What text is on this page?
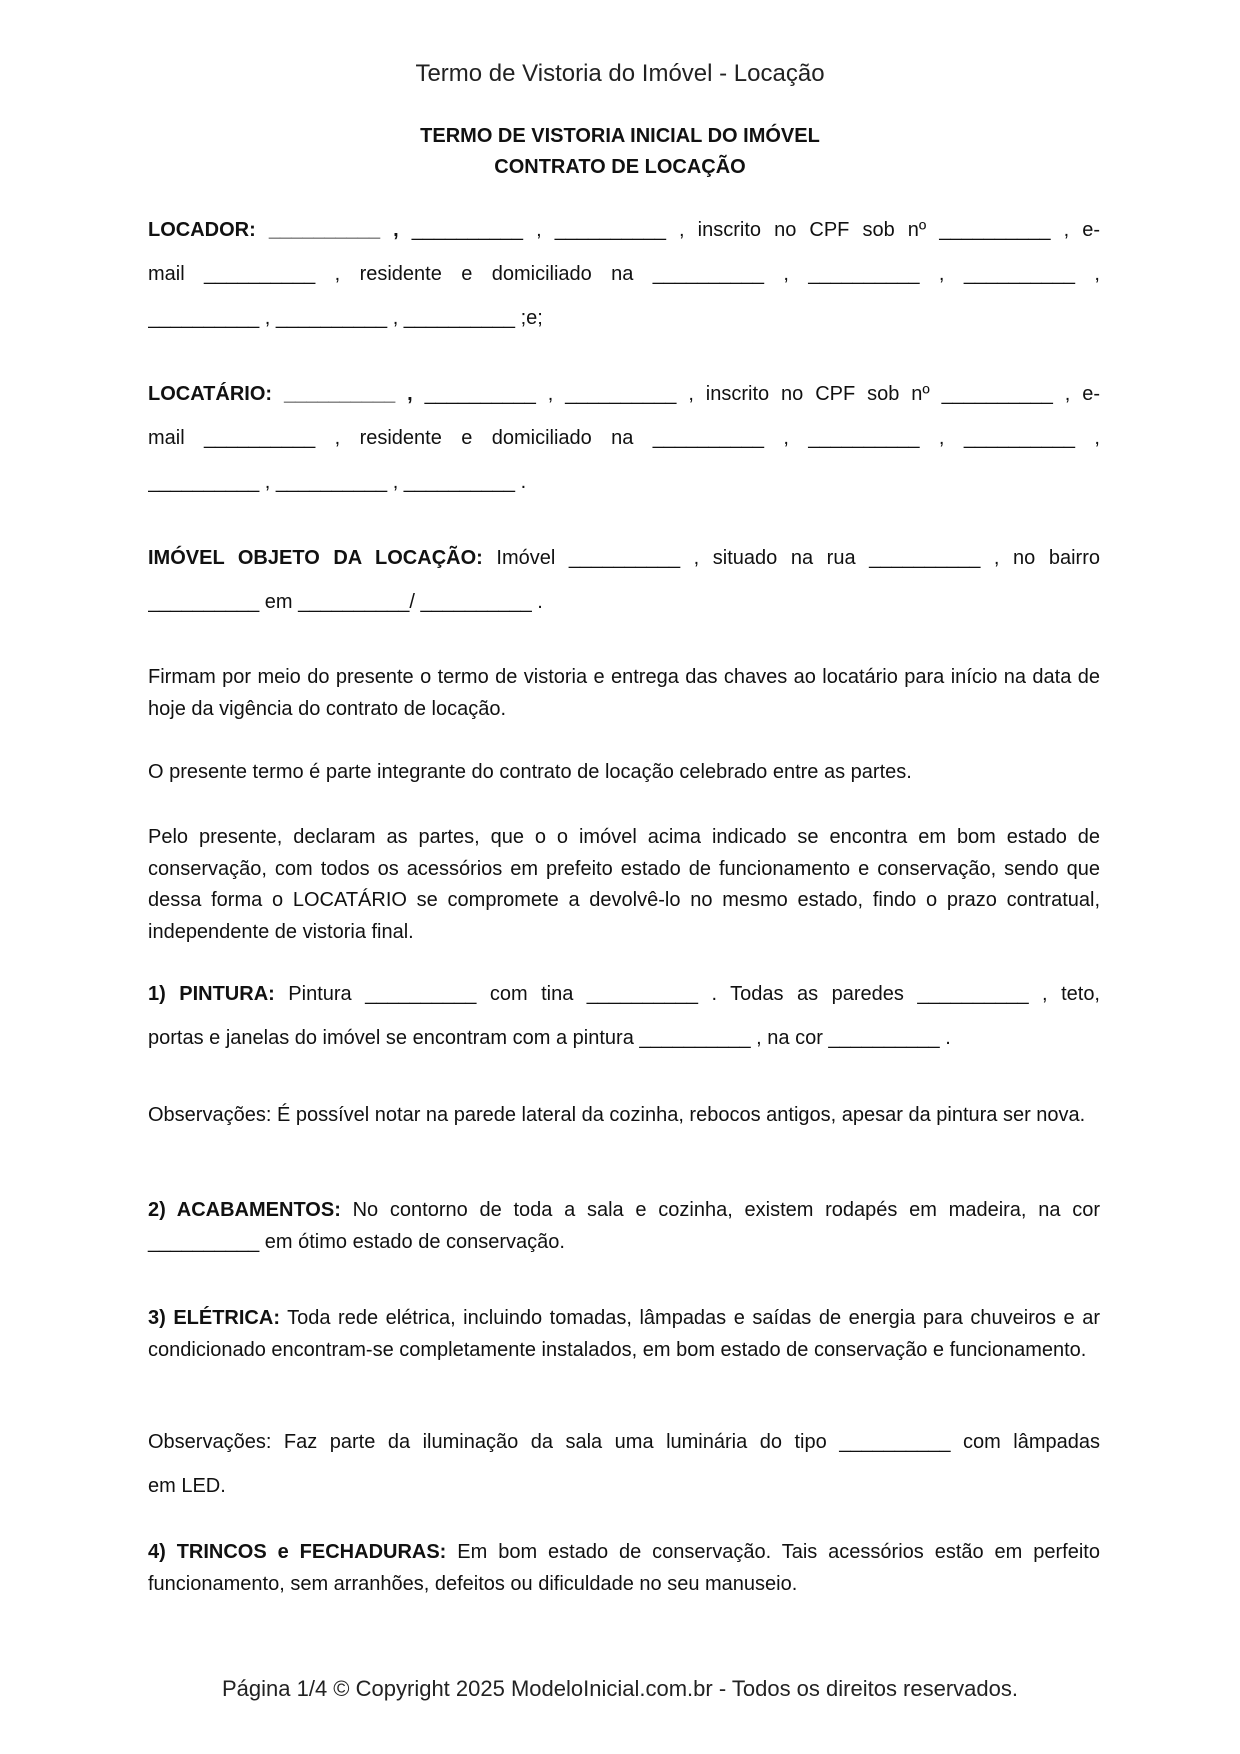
Termo de Vistoria do Imóvel - Locação
TERMO DE VISTORIA INICIAL DO IMÓVEL
CONTRATO DE LOCAÇÃO
LOCADOR: __________ , __________ , __________ , inscrito no CPF sob nº __________ , e-
mail __________ , residente e domiciliado na __________ , __________ , __________ ,
__________ , __________ , __________ ;e;
LOCATÁRIO: __________ , __________ , __________ , inscrito no CPF sob nº __________ , e-
mail __________ , residente e domiciliado na __________ , __________ , __________ ,
__________ , __________ , __________ .
IMÓVEL OBJETO DA LOCAÇÃO: Imóvel __________ , situado na rua __________ , no bairro
__________ em __________/ __________ .
Firmam por meio do presente o termo de vistoria e entrega das chaves ao locatário para início na data de hoje da vigência do contrato de locação.
O presente termo é parte integrante do contrato de locação celebrado entre as partes.
Pelo presente, declaram as partes, que o o imóvel acima indicado se encontra em bom estado de conservação, com todos os acessórios em prefeito estado de funcionamento e conservação, sendo que dessa forma o LOCATÁRIO se compromete a devolvê-lo no mesmo estado, findo o prazo contratual, independente de vistoria final.
1) PINTURA: Pintura __________ com tina __________ . Todas as paredes __________ , teto,
portas e janelas do imóvel se encontram com a pintura __________ , na cor __________ .
Observações: É possível notar na parede lateral da cozinha, rebocos antigos, apesar da pintura ser nova.
2) ACABAMENTOS: No contorno de toda a sala e cozinha, existem rodapés em madeira, na cor __________ em ótimo estado de conservação.
3) ELÉTRICA: Toda rede elétrica, incluindo tomadas, lâmpadas e saídas de energia para chuveiros e ar condicionado encontram-se completamente instalados, em bom estado de conservação e funcionamento.
Observações: Faz parte da iluminação da sala uma luminária do tipo __________ com lâmpadas
em LED.
4) TRINCOS e FECHADURAS: Em bom estado de conservação. Tais acessórios estão em perfeito funcionamento, sem arranhões, defeitos ou dificuldade no seu manuseio.
Página 1/4 © Copyright 2025 ModeloInicial.com.br - Todos os direitos reservados.
